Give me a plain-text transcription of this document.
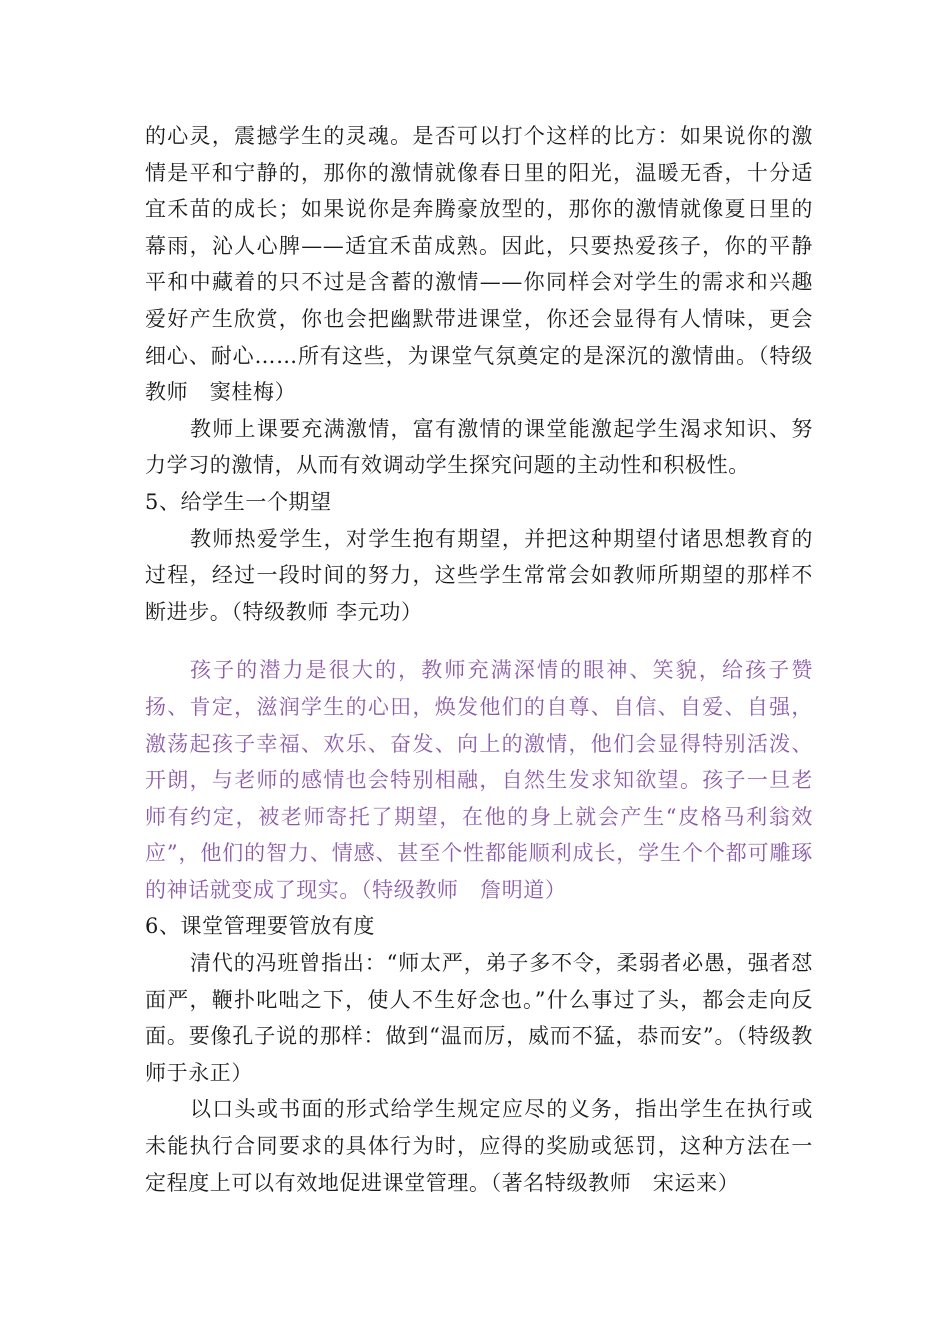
的心灵，震撼学生的灵魂。是否可以打个这样的比方：如果说你的激情是平和宁静的，那你的激情就像春日里的阳光，温暖无香，十分适宜禾苗的成长；如果说你是奔腾豪放型的，那你的激情就像夏日里的幕雨，沁人心脾——适宜禾苗成熟。因此，只要热爱孩子，你的平静平和中藏着的只不过是含蓄的激情——你同样会对学生的需求和兴趣爱好产生欣赏，你也会把幽默带进课堂，你还会显得有人情味，更会细心、耐心……所有这些，为课堂气氛奠定的是深沉的激情曲。（特级教师　窦桂梅）

教师上课要充满激情，富有激情的课堂能激起学生渴求知识、努力学习的激情，从而有效调动学生探究问题的主动性和积极性。

5、给学生一个期望

教师热爱学生，对学生抱有期望，并把这种期望付诸思想教育的过程，经过一段时间的努力，这些学生常常会如教师所期望的那样不断进步。（特级教师 李元功）

孩子的潜力是很大的，教师充满深情的眼神、笑貌，给孩子赞扬、肯定，滋润学生的心田，焕发他们的自尊、自信、自爱、自强，激荡起孩子幸福、欢乐、奋发、向上的激情，他们会显得特别活泼、开朗，与老师的感情也会特别相融，自然生发求知欲望。孩子一旦老师有约定，被老师寄托了期望，在他的身上就会产生“皮格马利翁效应”，他们的智力、情感、甚至个性都能顺利成长，学生个个都可雕琢的神话就变成了现实。（特级教师　詹明道）

6、课堂管理要管放有度

清代的冯班曾指出：“师太严，弟子多不令，柔弱者必愚，强者怼面严，鞭扑叱咄之下，使人不生好念也。”什么事过了头，都会走向反面。要像孔子说的那样：做到“温而厉，威而不猛，恭而安”。（特级教师于永正）

以口头或书面的形式给学生规定应尽的义务，指出学生在执行或未能执行合同要求的具体行为时，应得的奖励或惩罚，这种方法在一定程度上可以有效地促进课堂管理。（著名特级教师　宋运来）
